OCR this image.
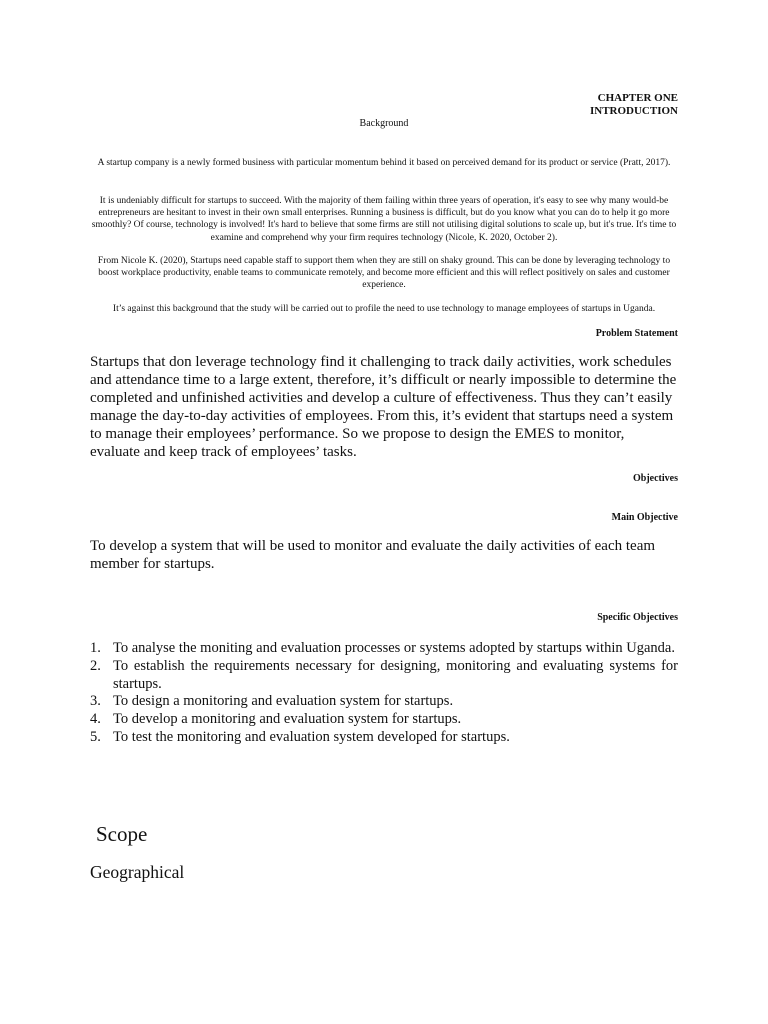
CHAPTER ONE
INTRODUCTION
Background

A startup company is a newly formed business with particular momentum behind it based on perceived demand for its product or service (Pratt, 2017).

It is undeniably difficult for startups to succeed. With the majority of them failing within three years of operation, it's easy to see why many would-be entrepreneurs are hesitant to invest in their own small enterprises. Running a business is difficult, but do you know what you can do to help it go more smoothly? Of course, technology is involved! It's hard to believe that some firms are still not utilising digital solutions to scale up, but it's true. It's time to examine and comprehend why your firm requires technology (Nicole, K. 2020, October 2).

From Nicole K. (2020), Startups need capable staff to support them when they are still on shaky ground. This can be done by leveraging technology to boost workplace productivity, enable teams to communicate remotely, and become more efficient and this will reflect positively on sales and customer experience.

It’s against this background that the study will be carried out to profile the need to use technology to manage employees of startups in Uganda.

Problem Statement

Startups that don leverage technology find it challenging to track daily activities, work schedules and attendance time to a large extent, therefore, it’s difficult or nearly impossible to determine the completed and unfinished activities and develop a culture of effectiveness. Thus they can’t easily manage the day-to-day activities of employees. From this, it’s evident that startups need a system to manage their employees’ performance. So we propose to design the EMES to monitor, evaluate and keep track of employees’ tasks.

Objectives
Main Objective

To develop a system that will be used to monitor and evaluate the daily activities of each team member for startups.

Specific Objectives
1. To analyse the moniting and evaluation processes or systems adopted by startups within Uganda.
2. To establish the requirements necessary for designing, monitoring and evaluating systems for startups.
3. To design a monitoring and evaluation system for startups.
4. To develop a monitoring and evaluation system for startups.
5. To test the monitoring and evaluation system developed for startups.
Scope
Geographical
